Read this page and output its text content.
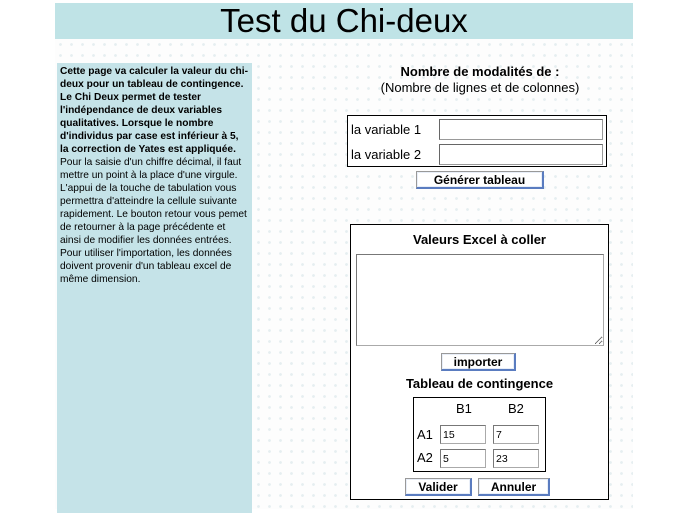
Test du Chi-deux
Cette page va calculer la valeur du chi-deux pour un tableau de contingence. Le Chi Deux permet de tester l'indépendance de deux variables qualitatives. Lorsque le nombre d'individus par case est inférieur à 5, la correction de Yates est appliquée. Pour la saisie d'un chiffre décimal, il faut mettre un point à la place d'une virgule. L'appui de la touche de tabulation vous permettra d'atteindre la cellule suivante rapidement. Le bouton retour vous pemet de retourner à la page précédente et ainsi de modifier les données entrées. Pour utiliser l'importation, les données doivent provenir d'un tableau excel de même dimension.
Nombre de modalités de :
(Nombre de lignes et de colonnes)
la variable 1
la variable 2
Générer tableau
Valeurs Excel à coller
importer
Tableau de contingence
B1	B2
A1
A2
15
7
5
23
Valider	Annuler
